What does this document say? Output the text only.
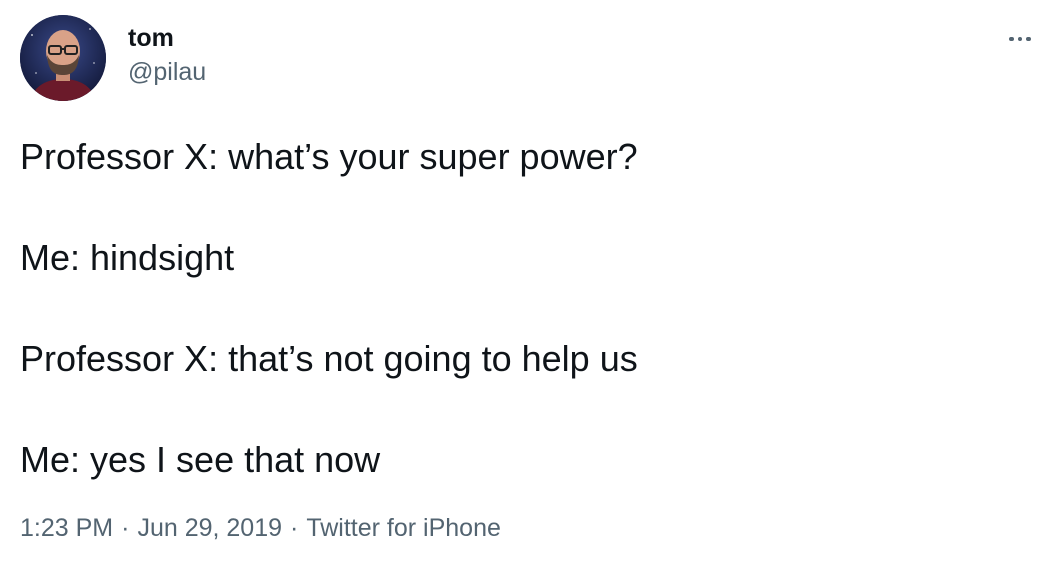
tom
@pilau

Professor X: what’s your super power?

Me: hindsight

Professor X: that’s not going to help us

Me: yes I see that now

1:23 PM · Jun 29, 2019 · Twitter for iPhone
